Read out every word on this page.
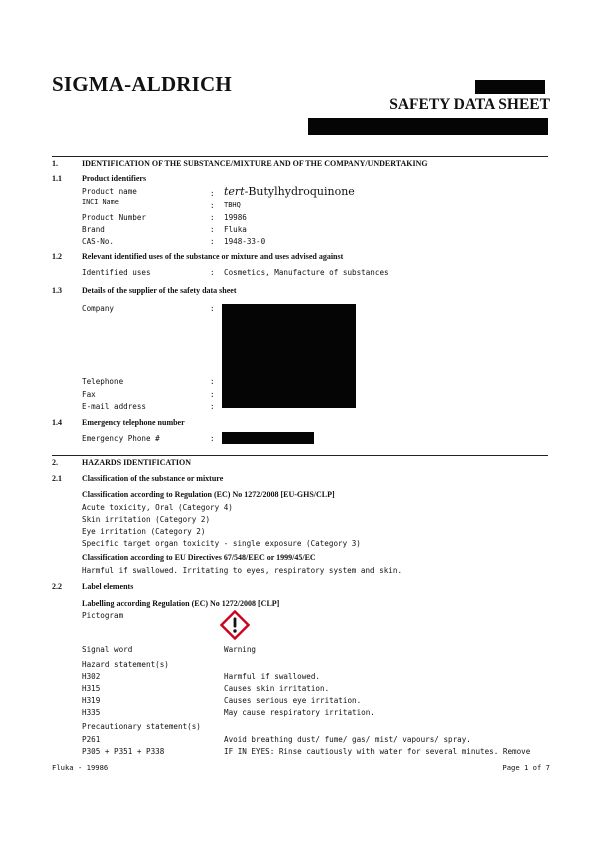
SIGMA-ALDRICH
SAFETY DATA SHEET
1.	IDENTIFICATION OF THE SUBSTANCE/MIXTURE AND OF THE COMPANY/UNDERTAKING
1.1	Product identifiers
Product name	: tert-Butylhydroquinone
INCI Name	: TBHQ
Product Number	: 19986
Brand	: Fluka
CAS-No.	: 1948-33-0
1.2	Relevant identified uses of the substance or mixture and uses advised against
Identified uses	: Cosmetics, Manufacture of substances
1.3	Details of the supplier of the safety data sheet
Company	:
Telephone	:
Fax	:
E-mail address	:
1.4	Emergency telephone number
Emergency Phone #	:
2.	HAZARDS IDENTIFICATION
2.1	Classification of the substance or mixture
Classification according to Regulation (EC) No 1272/2008 [EU-GHS/CLP]
Acute toxicity, Oral (Category 4)
Skin irritation (Category 2)
Eye irritation (Category 2)
Specific target organ toxicity - single exposure (Category 3)
Classification according to EU Directives 67/548/EEC or 1999/45/EC
Harmful if swallowed. Irritating to eyes, respiratory system and skin.
2.2	Label elements
Labelling according Regulation (EC) No 1272/2008 [CLP]
Pictogram
Signal word	Warning
Hazard statement(s)
H302	Harmful if swallowed.
H315	Causes skin irritation.
H319	Causes serious eye irritation.
H335	May cause respiratory irritation.
Precautionary statement(s)
P261	Avoid breathing dust/ fume/ gas/ mist/ vapours/ spray.
P305 + P351 + P338	IF IN EYES: Rinse cautiously with water for several minutes. Remove
Fluka - 19986	Page 1 of 7
